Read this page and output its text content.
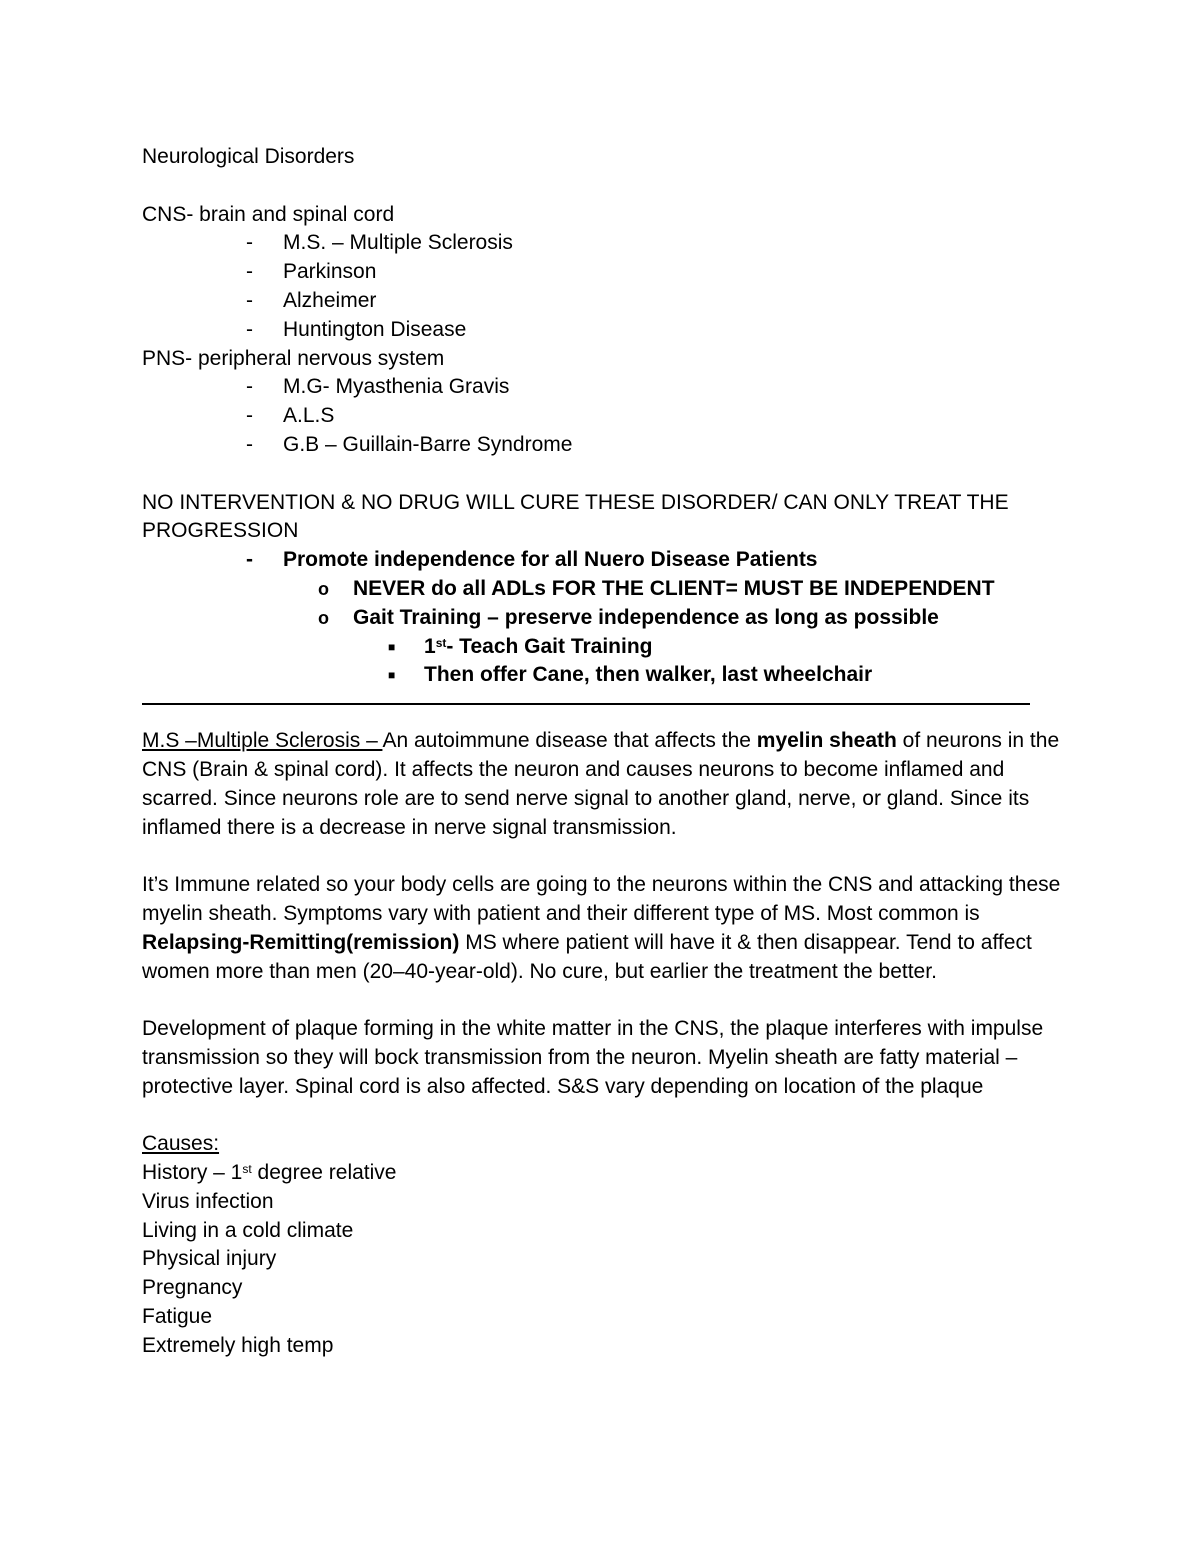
Neurological Disorders
CNS- brain and spinal cord
- M.S. – Multiple Sclerosis
- Parkinson
- Alzheimer
- Huntington Disease
PNS- peripheral nervous system
- M.G- Myasthenia Gravis
- A.L.S
- G.B – Guillain-Barre Syndrome
NO INTERVENTION & NO DRUG WILL CURE THESE DISORDER/ CAN ONLY TREAT THE
PROGRESSION
- Promote independence for all Nuero Disease Patients
o NEVER do all ADLs FOR THE CLIENT= MUST BE INDEPENDENT
o Gait Training – preserve independence as long as possible
■ 1st- Teach Gait Training
■ Then offer Cane, then walker, last wheelchair
M.S –Multiple Sclerosis – An autoimmune disease that affects the myelin sheath of neurons in the CNS (Brain & spinal cord). It affects the neuron and causes neurons to become inflamed and scarred. Since neurons role are to send nerve signal to another gland, nerve, or gland. Since its inflamed there is a decrease in nerve signal transmission.
It’s Immune related so your body cells are going to the neurons within the CNS and attacking these myelin sheath. Symptoms vary with patient and their different type of MS. Most common is Relapsing-Remitting(remission) MS where patient will have it & then disappear. Tend to affect women more than men (20–40-year-old). No cure, but earlier the treatment the better.
Development of plaque forming in the white matter in the CNS, the plaque interferes with impulse transmission so they will bock transmission from the neuron. Myelin sheath are fatty material – protective layer. Spinal cord is also affected. S&S vary depending on location of the plaque
Causes:
History – 1st degree relative
Virus infection
Living in a cold climate
Physical injury
Pregnancy
Fatigue
Extremely high temp
